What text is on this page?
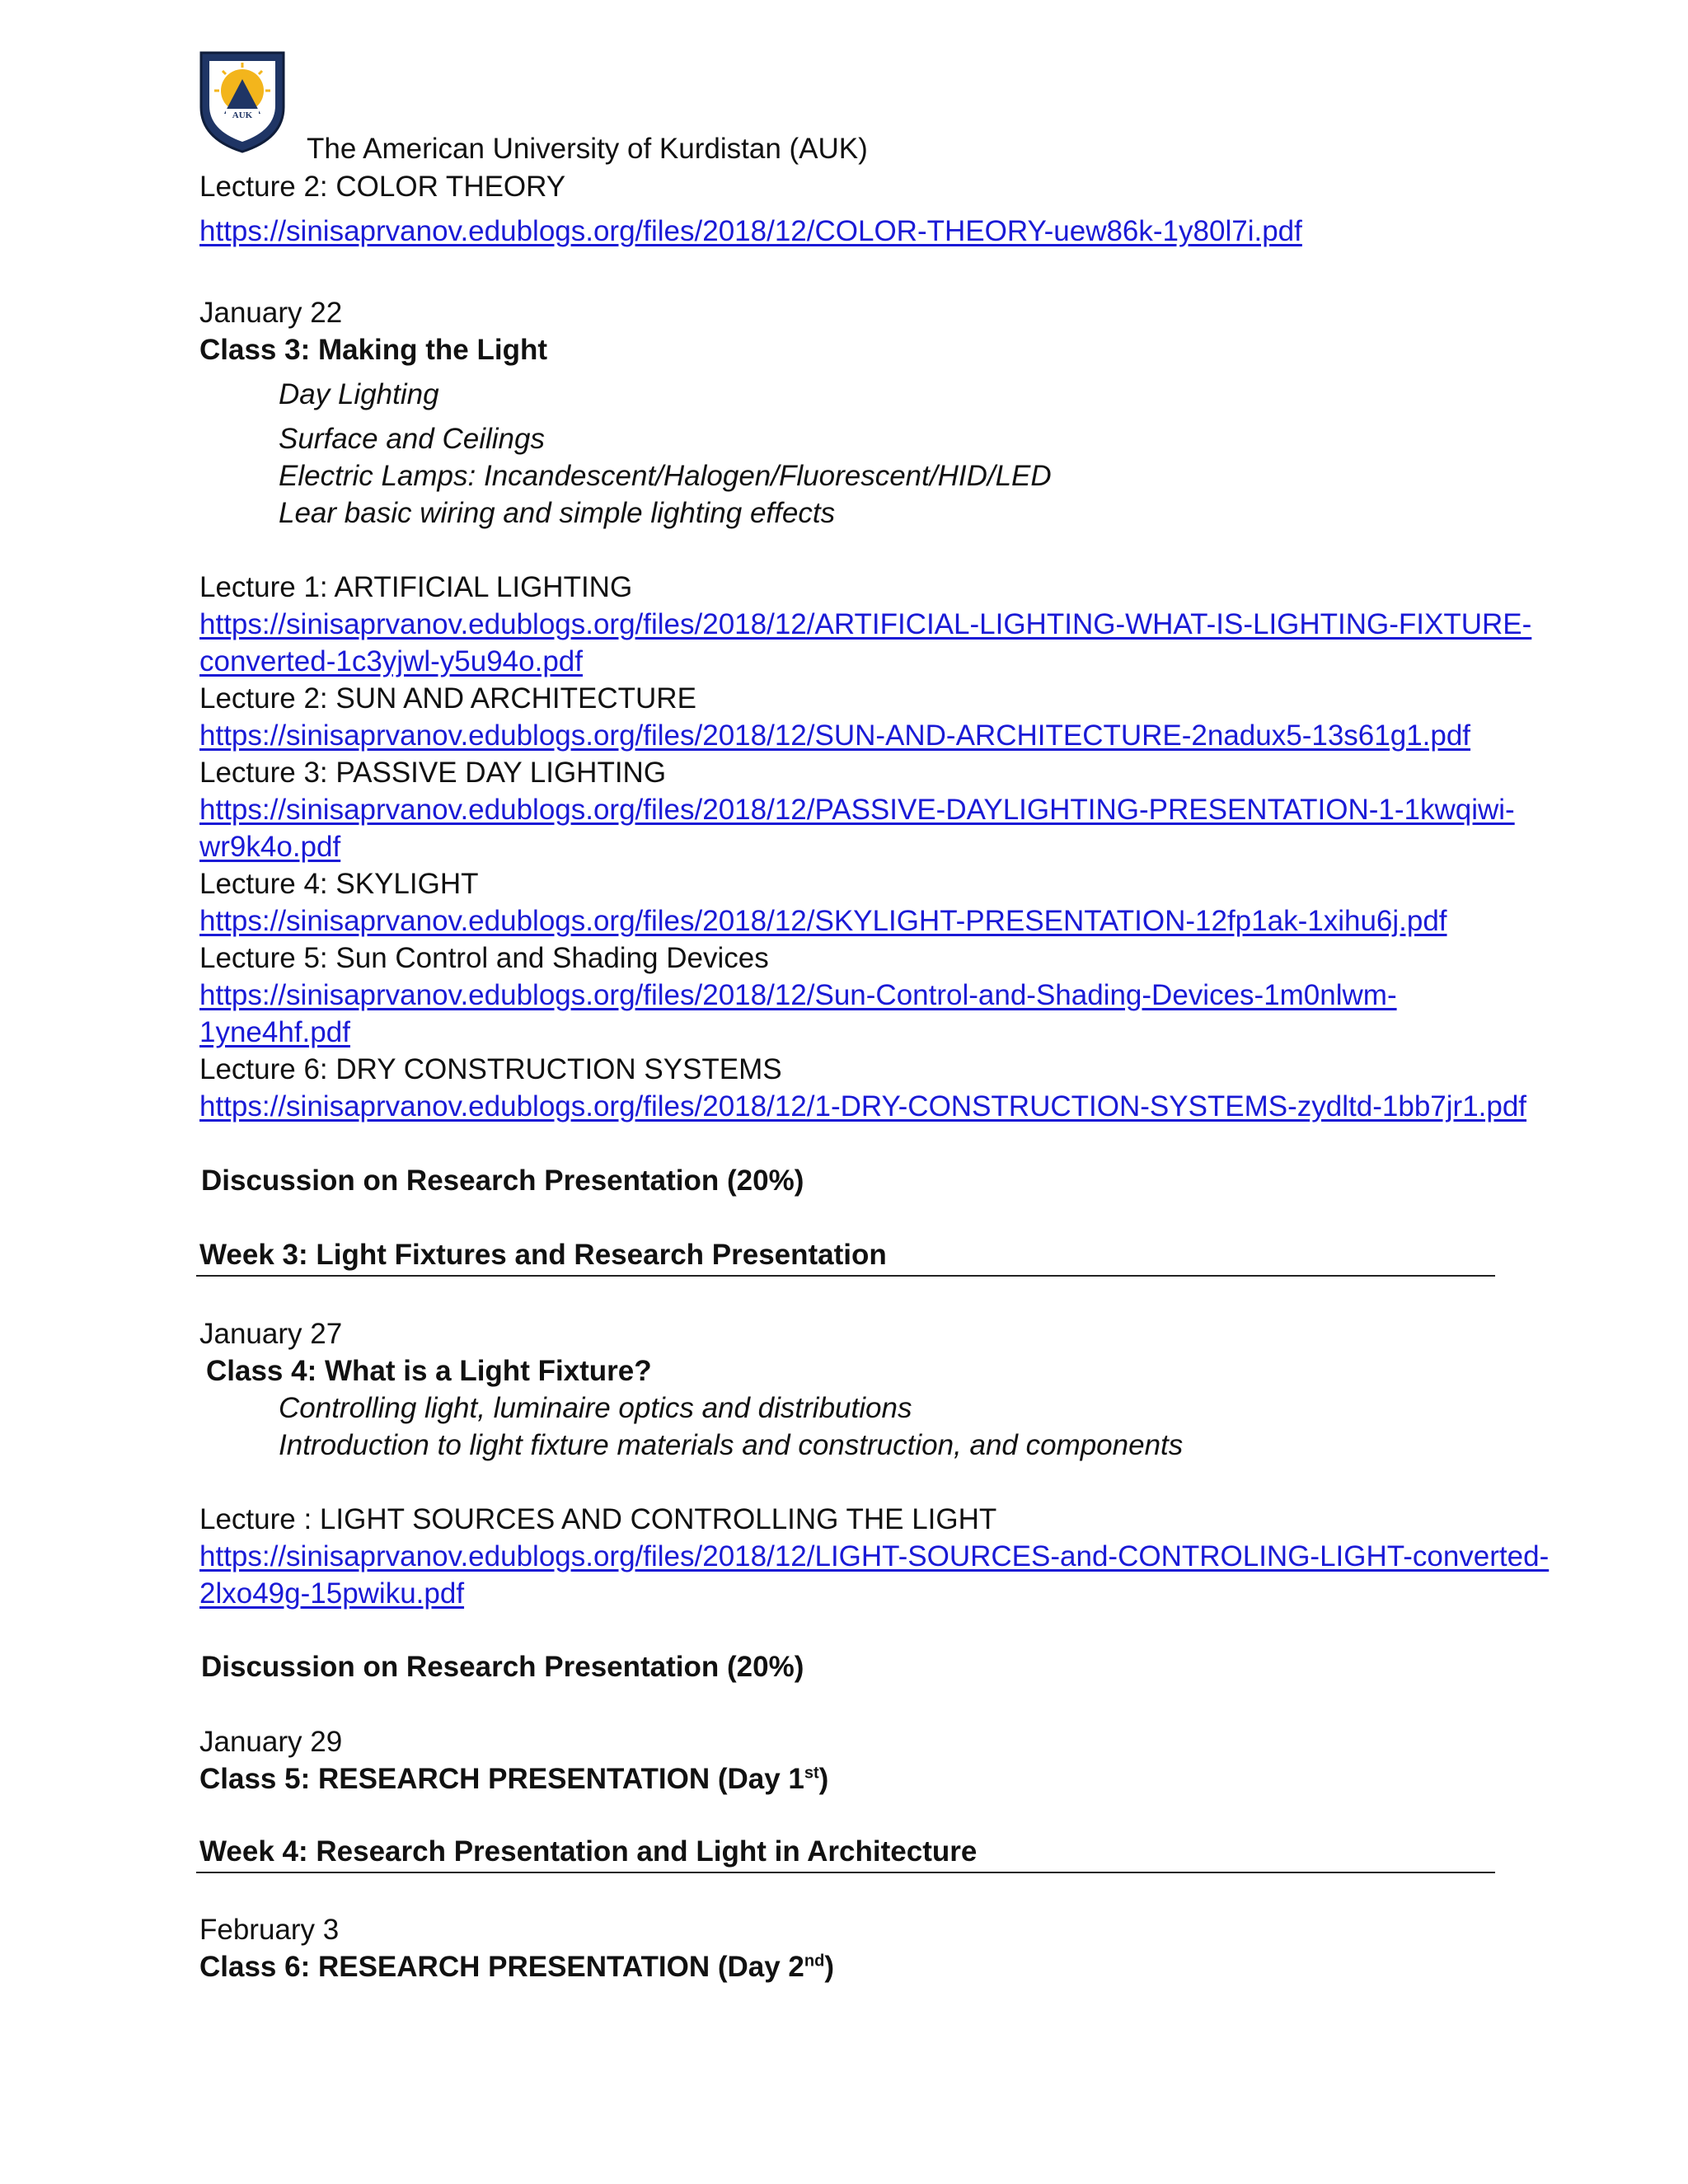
AUK
The American University of Kurdistan (AUK)
Lecture 2: COLOR THEORY
https://sinisaprvanov.edublogs.org/files/2018/12/COLOR-THEORY-uew86k-1y80l7i.pdf
January 22
Class 3: Making the Light
Day Lighting
Surface and Ceilings
Electric Lamps: Incandescent/Halogen/Fluorescent/HID/LED
Lear basic wiring and simple lighting effects
Lecture 1: ARTIFICIAL LIGHTING
https://sinisaprvanov.edublogs.org/files/2018/12/ARTIFICIAL-LIGHTING-WHAT-IS-LIGHTING-FIXTURE-
converted-1c3yjwl-y5u94o.pdf
Lecture 2: SUN AND ARCHITECTURE
https://sinisaprvanov.edublogs.org/files/2018/12/SUN-AND-ARCHITECTURE-2nadux5-13s61g1.pdf
Lecture 3: PASSIVE DAY LIGHTING
https://sinisaprvanov.edublogs.org/files/2018/12/PASSIVE-DAYLIGHTING-PRESENTATION-1-1kwqiwi-
wr9k4o.pdf
Lecture 4: SKYLIGHT
https://sinisaprvanov.edublogs.org/files/2018/12/SKYLIGHT-PRESENTATION-12fp1ak-1xihu6j.pdf
Lecture 5: Sun Control and Shading Devices
https://sinisaprvanov.edublogs.org/files/2018/12/Sun-Control-and-Shading-Devices-1m0nlwm-
1yne4hf.pdf
Lecture 6: DRY CONSTRUCTION SYSTEMS
https://sinisaprvanov.edublogs.org/files/2018/12/1-DRY-CONSTRUCTION-SYSTEMS-zydltd-1bb7jr1.pdf
Discussion on Research Presentation (20%)
Week 3: Light Fixtures and Research Presentation
January 27
Class 4: What is a Light Fixture?
Controlling light, luminaire optics and distributions
Introduction to light fixture materials and construction, and components
Lecture : LIGHT SOURCES AND CONTROLLING THE LIGHT
https://sinisaprvanov.edublogs.org/files/2018/12/LIGHT-SOURCES-and-CONTROLING-LIGHT-converted-
2lxo49g-15pwiku.pdf
Discussion on Research Presentation (20%)
January 29
Class 5: RESEARCH PRESENTATION (Day 1st)
Week 4: Research Presentation and Light in Architecture
February 3
Class 6: RESEARCH PRESENTATION (Day 2nd)
